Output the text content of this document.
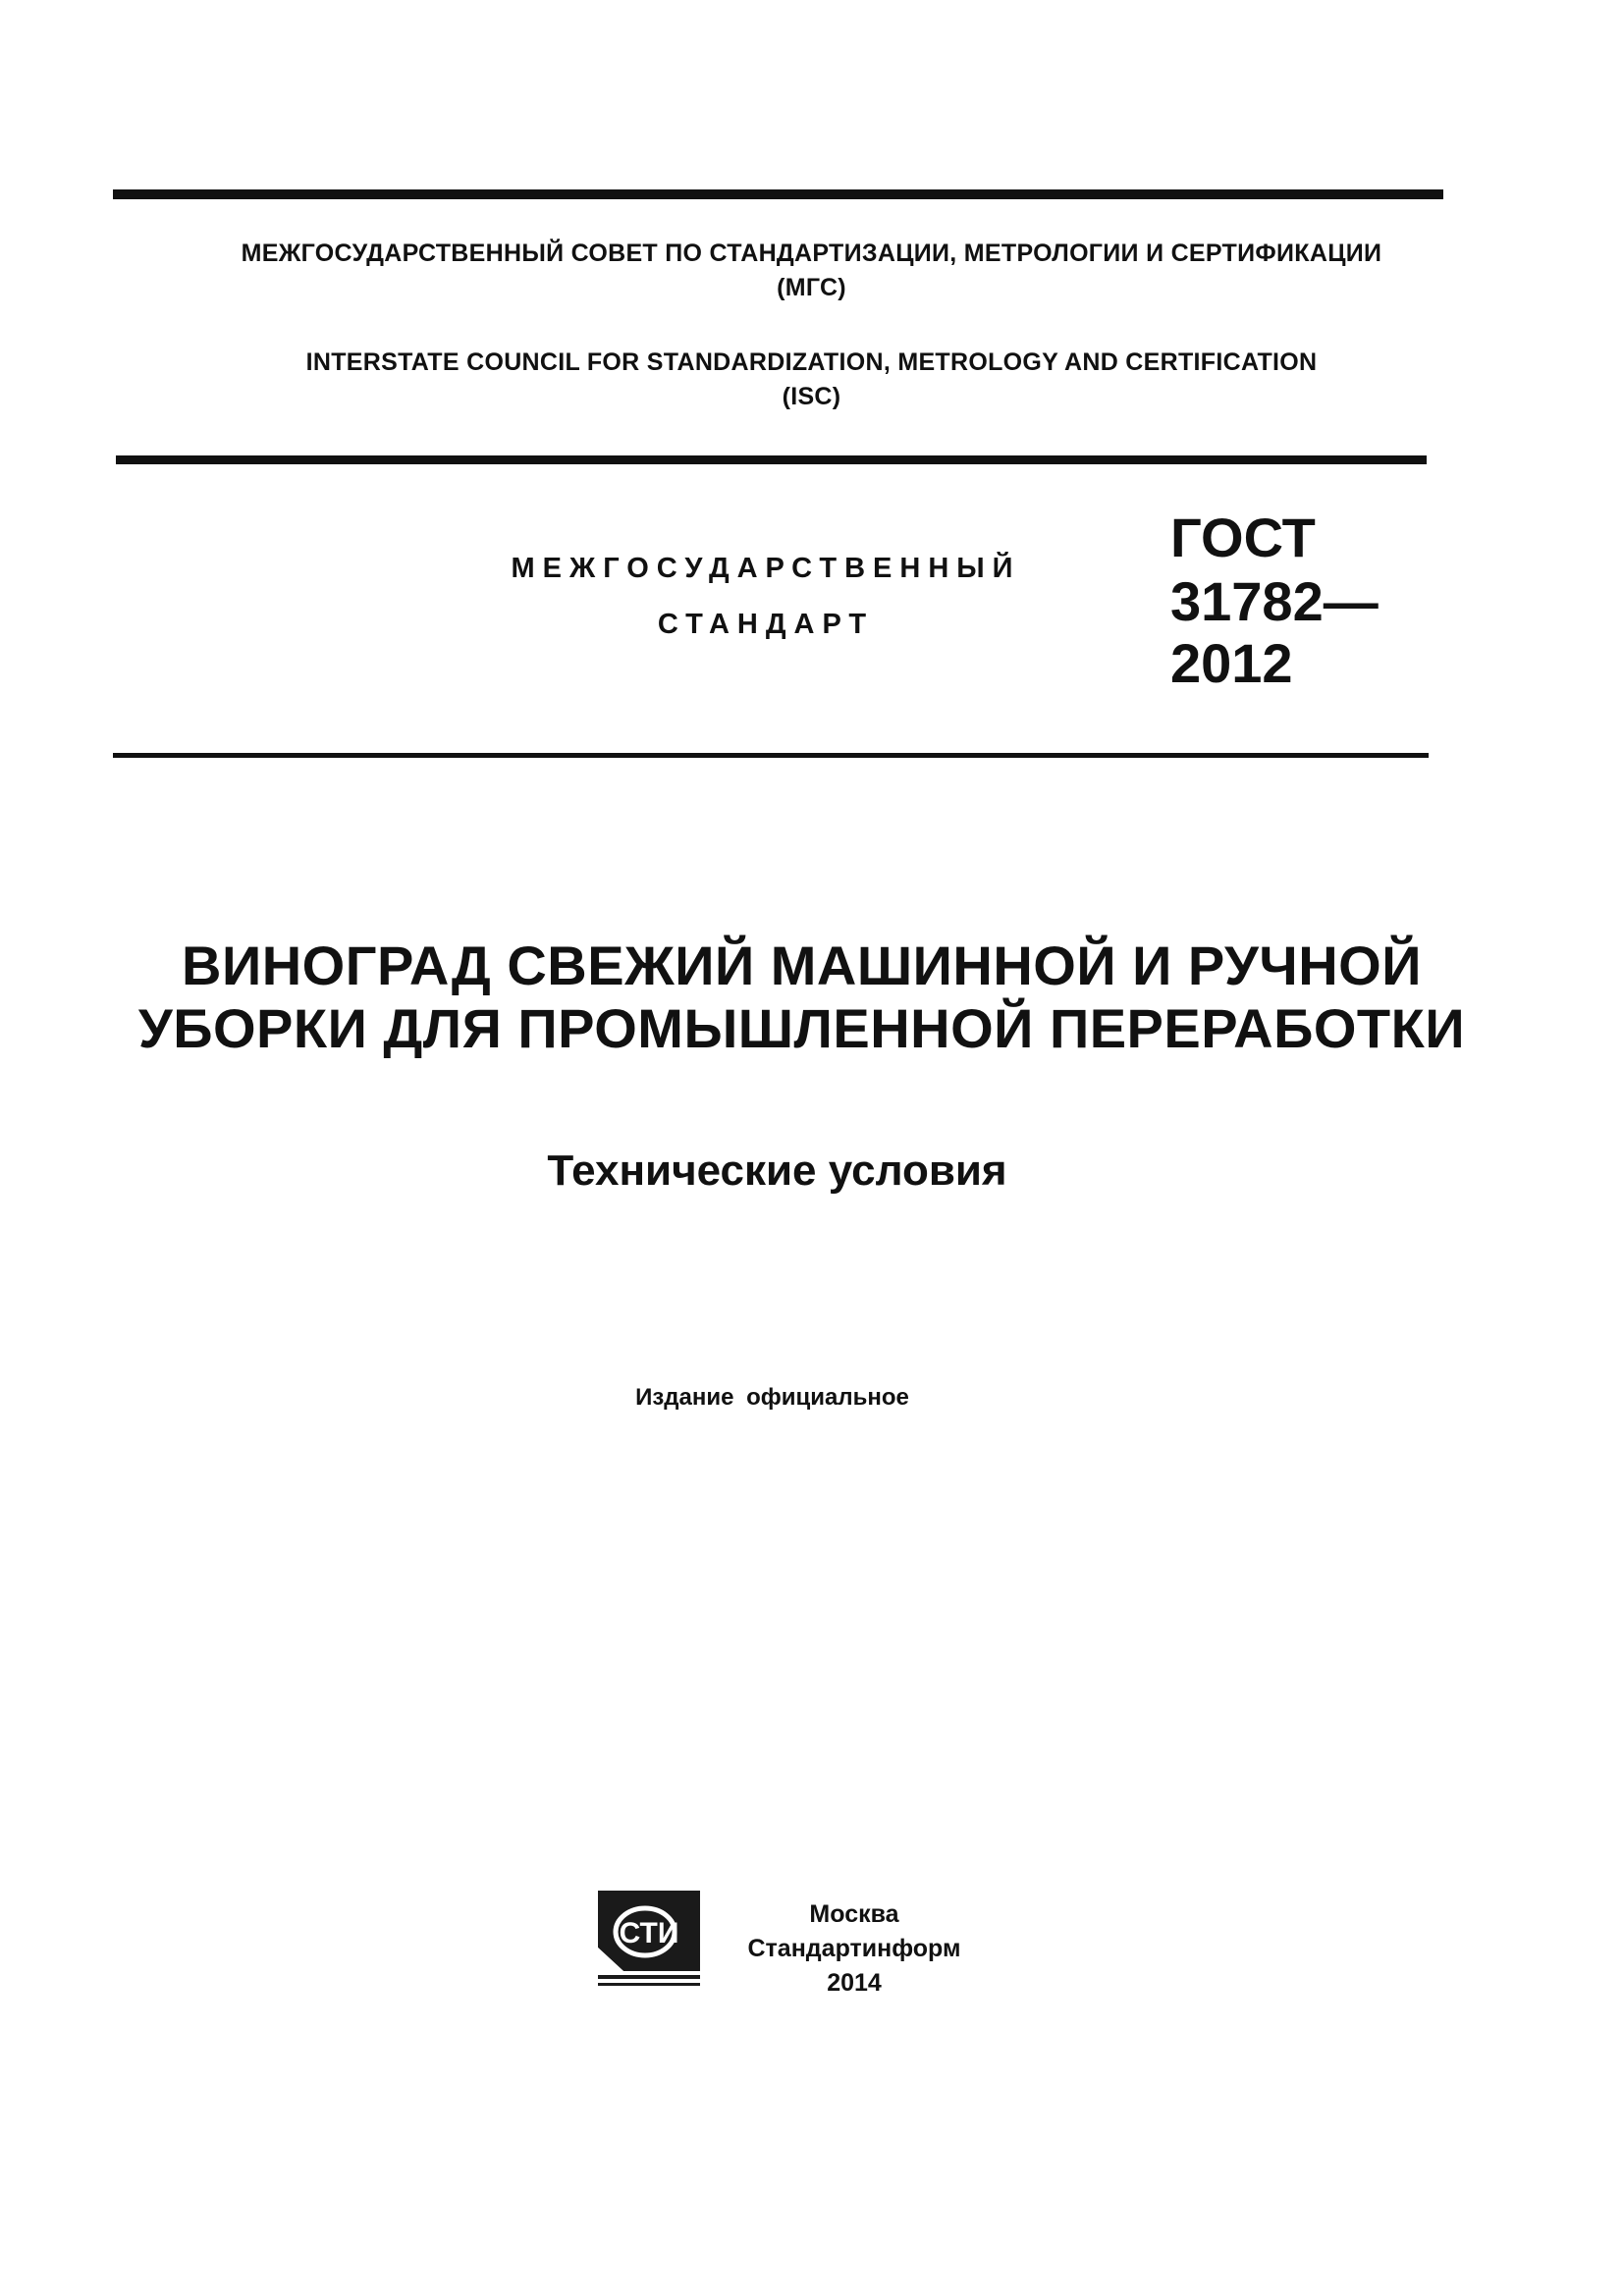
МЕЖГОСУДАРСТВЕННЫЙ СОВЕТ ПО СТАНДАРТИЗАЦИИ, МЕТРОЛОГИИ И СЕРТИФИКАЦИИ
(МГС)
INTERSTATE COUNCIL FOR STANDARDIZATION, METROLOGY AND CERTIFICATION
(ISC)
МЕЖГОСУДАРСТВЕННЫЙ
СТАНДАРТ
ГОСТ
31782—
2012
ВИНОГРАД СВЕЖИЙ МАШИННОЙ И РУЧНОЙ
УБОРКИ ДЛЯ ПРОМЫШЛЕННОЙ ПЕРЕРАБОТКИ
Технические условия
Издание официальное
СТИ
Москва
Стандартинформ
2014
